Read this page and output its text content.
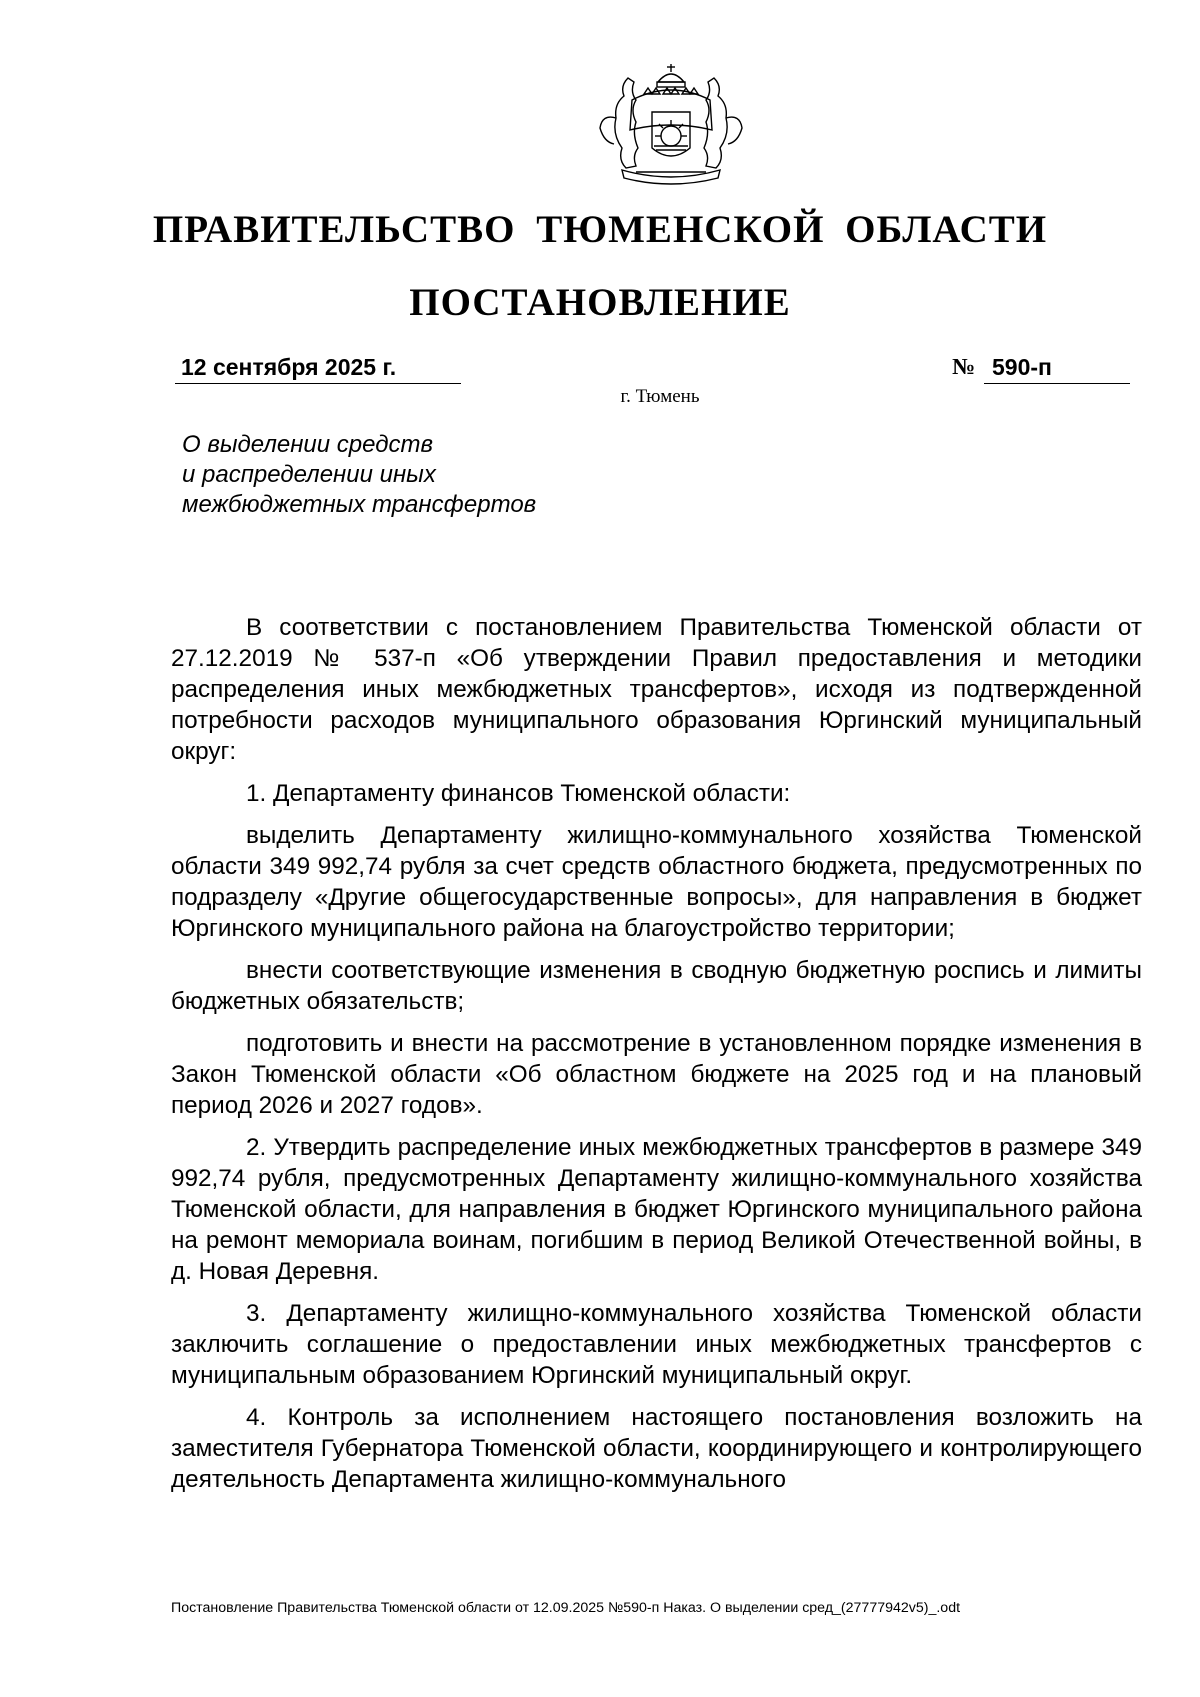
ПРАВИТЕЛЬСТВО ТЮМЕНСКОЙ ОБЛАСТИ
ПОСТАНОВЛЕНИЕ
12 сентября 2025 г.	№ 590-п
г. Тюмень
О выделении средств
и распределении иных
межбюджетных трансфертов

В соответствии с постановлением Правительства Тюменской области от 27.12.2019 № 537-п «Об утверждении Правил предоставления и методики распределения иных межбюджетных трансфертов», исходя из подтвержденной потребности расходов муниципального образования Юргинский муниципальный округ:

1. Департаменту финансов Тюменской области:

выделить Департаменту жилищно-коммунального хозяйства Тюменской области 349 992,74 рубля за счет средств областного бюджета, предусмотренных по подразделу «Другие общегосударственные вопросы», для направления в бюджет Юргинского муниципального района на благоустройство территории;

внести соответствующие изменения в сводную бюджетную роспись и лимиты бюджетных обязательств;

подготовить и внести на рассмотрение в установленном порядке изменения в Закон Тюменской области «Об областном бюджете на 2025 год и на плановый период 2026 и 2027 годов».

2. Утвердить распределение иных межбюджетных трансфертов в размере 349 992,74 рубля, предусмотренных Департаменту жилищно-коммунального хозяйства Тюменской области, для направления в бюджет Юргинского муниципального района на ремонт мемориала воинам, погибшим в период Великой Отечественной войны, в д. Новая Деревня.

3. Департаменту жилищно-коммунального хозяйства Тюменской области заключить соглашение о предоставлении иных межбюджетных трансфертов с муниципальным образованием Юргинский муниципальный округ.

4. Контроль за исполнением настоящего постановления возложить на заместителя Губернатора Тюменской области, координирующего и контролирующего деятельность Департамента жилищно-коммунального

Постановление Правительства Тюменской области от 12.09.2025 №590-п Наказ. О выделении сред_(27777942v5)_.odt
